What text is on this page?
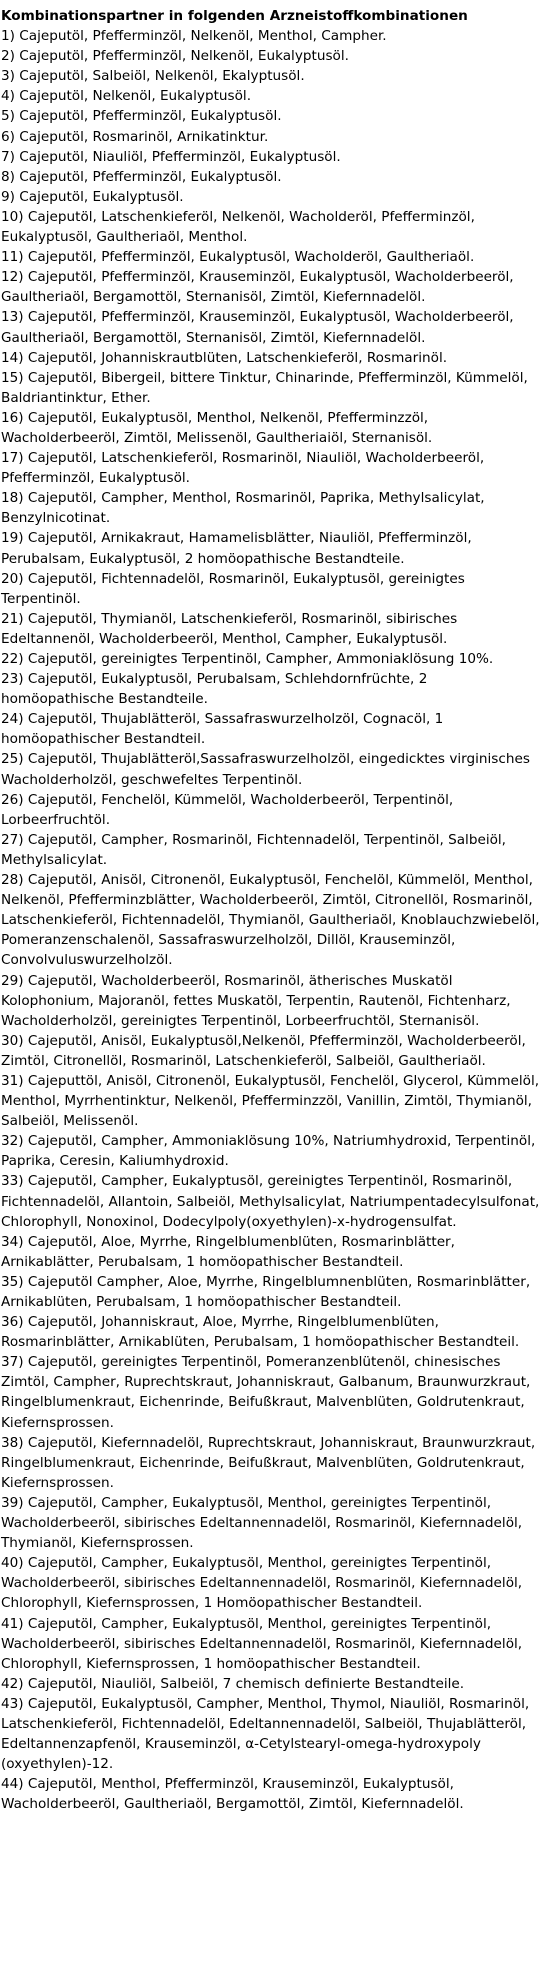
Kombinationspartner in folgenden Arzneistoffkombinationen

1) Cajeputöl, Pfefferminzöl, Nelkenöl, Menthol, Campher.
2) Cajeputöl, Pfefferminzöl, Nelkenöl, Eukalyptusöl.
3) Cajeputöl, Salbeiöl, Nelkenöl, Ekalyptusöl.
4) Cajeputöl, Nelkenöl, Eukalyptusöl.
5) Cajeputöl, Pfefferminzöl, Eukalyptusöl.
6) Cajeputöl, Rosmarinöl, Arnikatinktur.
7) Cajeputöl, Niauliöl, Pfefferminzöl, Eukalyptusöl.
8) Cajeputöl, Pfefferminzöl, Eukalyptusöl.
9) Cajeputöl, Eukalyptusöl.
10) Cajeputöl, Latschenkieferöl, Nelkenöl, Wacholderöl, Pfefferminzöl, Eukalyptusöl, Gaultheriaöl, Menthol.
11) Cajeputöl, Pfefferminzöl, Eukalyptusöl, Wacholderöl, Gaultheriaöl.
12) Cajeputöl, Pfefferminzöl, Krauseminzöl, Eukalyptusöl, Wacholderbeeröl, Gaultheriaöl, Bergamottöl, Sternanisöl, Zimtöl, Kiefernnadelöl.
13) Cajeputöl, Pfefferminzöl, Krauseminzöl, Eukalyptusöl, Wacholderbeeröl, Gaultheriaöl, Bergamottöl, Sternanisöl, Zimtöl, Kiefernnadelöl.
14) Cajeputöl, Johanniskrautblüten, Latschenkieferöl, Rosmarinöl.
15) Cajeputöl, Bibergeil, bittere Tinktur, Chinarinde, Pfefferminzöl, Kümmelöl, Baldriantinktur, Ether.
16) Cajeputöl, Eukalyptusöl, Menthol, Nelkenöl, Pfefferminzzöl, Wacholderbeeröl, Zimtöl, Melissenöl, Gaultheriaiöl, Sternanisöl.
17) Cajeputöl, Latschenkieferöl, Rosmarinöl, Niauliöl, Wacholderbeeröl, Pfefferminzöl, Eukalyptusöl.
18) Cajeputöl, Campher, Menthol, Rosmarinöl, Paprika, Methylsalicylat, Benzylnicotinat.
19) Cajeputöl, Arnikakraut, Hamamelisblätter, Niauliöl, Pfefferminzöl, Perubalsam, Eukalyptusöl, 2 homöopathische Bestandteile.
20) Cajeputöl, Fichtennadelöl, Rosmarinöl, Eukalyptusöl, gereinigtes Terpentinöl.
21) Cajeputöl, Thymianöl, Latschenkieferöl, Rosmarinöl, sibirisches Edeltannenöl, Wacholderbeeröl, Menthol, Campher, Eukalyptusöl.
22) Cajeputöl, gereinigtes Terpentinöl, Campher, Ammoniaklösung 10%.
23) Cajeputöl, Eukalyptusöl, Perubalsam, Schlehdornfrüchte, 2 homöopathische Bestandteile.
24) Cajeputöl, Thujablätteröl, Sassafraswurzelholzöl, Cognacöl, 1 homöopathischer Bestandteil.
25) Cajeputöl, Thujablätteröl,Sassafraswurzelholzöl, eingedicktes virginisches Wacholderholzöl, geschwefeltes Terpentinöl.
26) Cajeputöl, Fenchelöl, Kümmelöl, Wacholderbeeröl, Terpentinöl, Lorbeerfruchtöl.
27) Cajeputöl, Campher, Rosmarinöl, Fichtennadelöl, Terpentinöl, Salbeiöl, Methylsalicylat.
28) Cajeputöl, Anisöl, Citronenöl, Eukalyptusöl, Fenchelöl, Kümmelöl, Menthol, Nelkenöl, Pfefferminzblätter, Wacholderbeeröl, Zimtöl, Citronellöl, Rosmarinöl, Latschenkieferöl, Fichtennadelöl, Thymianöl, Gaultheriaöl, Knoblauchzwiebelöl, Pomeranzenschalenöl, Sassafraswurzelholzöl, Dillöl, Krauseminzöl, Convolvuluswurzelholzöl.
29) Cajeputöl, Wacholderbeeröl, Rosmarinöl, ätherisches Muskatöl Kolophonium, Majoranöl, fettes Muskatöl, Terpentin, Rautenöl, Fichtenharz, Wacholderholzöl, gereinigtes Terpentinöl, Lorbeerfruchtöl, Sternanisöl.
30) Cajeputöl, Anisöl, Eukalyptusöl,Nelkenöl, Pfefferminzöl, Wacholderbeeröl, Zimtöl, Citronellöl, Rosmarinöl, Latschenkieferöl, Salbeiöl, Gaultheriaöl.
31) Cajeputtöl, Anisöl, Citronenöl, Eukalyptusöl, Fenchelöl, Glycerol, Kümmelöl, Menthol, Myrrhentinktur, Nelkenöl, Pfefferminzzöl, Vanillin, Zimtöl, Thymianöl, Salbeiöl, Melissenöl.
32) Cajeputöl, Campher, Ammoniaklösung 10%, Natriumhydroxid, Terpentinöl, Paprika, Ceresin, Kaliumhydroxid.
33) Cajeputöl, Campher, Eukalyptusöl, gereinigtes Terpentinöl, Rosmarinöl, Fichtennadelöl, Allantoin, Salbeiöl, Methylsalicylat, Natriumpentadecylsulfonat, Chlorophyll, Nonoxinol, Dodecylpoly(oxyethylen)-x-hydrogensulfat.
34) Cajeputöl, Aloe, Myrrhe, Ringelblumenblüten, Rosmarinblätter, Arnikablätter, Perubalsam, 1 homöopathischer Bestandteil.
35) Cajeputöl Campher, Aloe, Myrrhe, Ringelblumnenblüten, Rosmarinblätter, Arnikablüten, Perubalsam, 1 homöopathischer Bestandteil.
36) Cajeputöl, Johanniskraut, Aloe, Myrrhe, Ringelblumenblüten, Rosmarinblätter, Arnikablüten, Perubalsam, 1 homöopathischer Bestandteil.
37) Cajeputöl, gereinigtes Terpentinöl, Pomeranzenblütenöl, chinesisches Zimtöl, Campher, Ruprechtskraut, Johanniskraut, Galbanum, Braunwurzkraut, Ringelblumenkraut, Eichenrinde, Beifußkraut, Malvenblüten, Goldrutenkraut, Kiefernsprossen.
38) Cajeputöl, Kiefernnadelöl, Ruprechtskraut, Johanniskraut, Braunwurzkraut, Ringelblumenkraut, Eichenrinde, Beifußkraut, Malvenblüten, Goldrutenkraut, Kiefernsprossen.
39) Cajeputöl, Campher, Eukalyptusöl, Menthol, gereinigtes Terpentinöl, Wacholderbeeröl, sibirisches Edeltannennadelöl, Rosmarinöl, Kiefernnadelöl, Thymianöl, Kiefernsprossen.
40) Cajeputöl, Campher, Eukalyptusöl, Menthol, gereinigtes Terpentinöl, Wacholderbeeröl, sibirisches Edeltannennadelöl, Rosmarinöl, Kiefernnadelöl, Chlorophyll, Kiefernsprossen, 1 Homöopathischer Bestandteil.
41) Cajeputöl, Campher, Eukalyptusöl, Menthol, gereinigtes Terpentinöl, Wacholderbeeröl, sibirisches Edeltannennadelöl, Rosmarinöl, Kiefernnadelöl, Chlorophyll, Kiefernsprossen, 1 homöopathischer Bestandteil.
42) Cajeputöl, Niauliöl, Salbeiöl, 7 chemisch definierte Bestandteile.
43) Cajeputöl, Eukalyptusöl, Campher, Menthol, Thymol, Niauliöl, Rosmarinöl, Latschenkieferöl, Fichtennadelöl, Edeltannennadelöl, Salbeiöl, Thujablätteröl, Edeltannenzapfenöl, Krauseminzöl, α-Cetylstearyl-omega-hydroxypoly (oxyethylen)-12.
44) Cajeputöl, Menthol, Pfefferminzöl, Krauseminzöl, Eukalyptusöl, Wacholderbeeröl, Gaultheriaöl, Bergamottöl, Zimtöl, Kiefernnadelöl.
